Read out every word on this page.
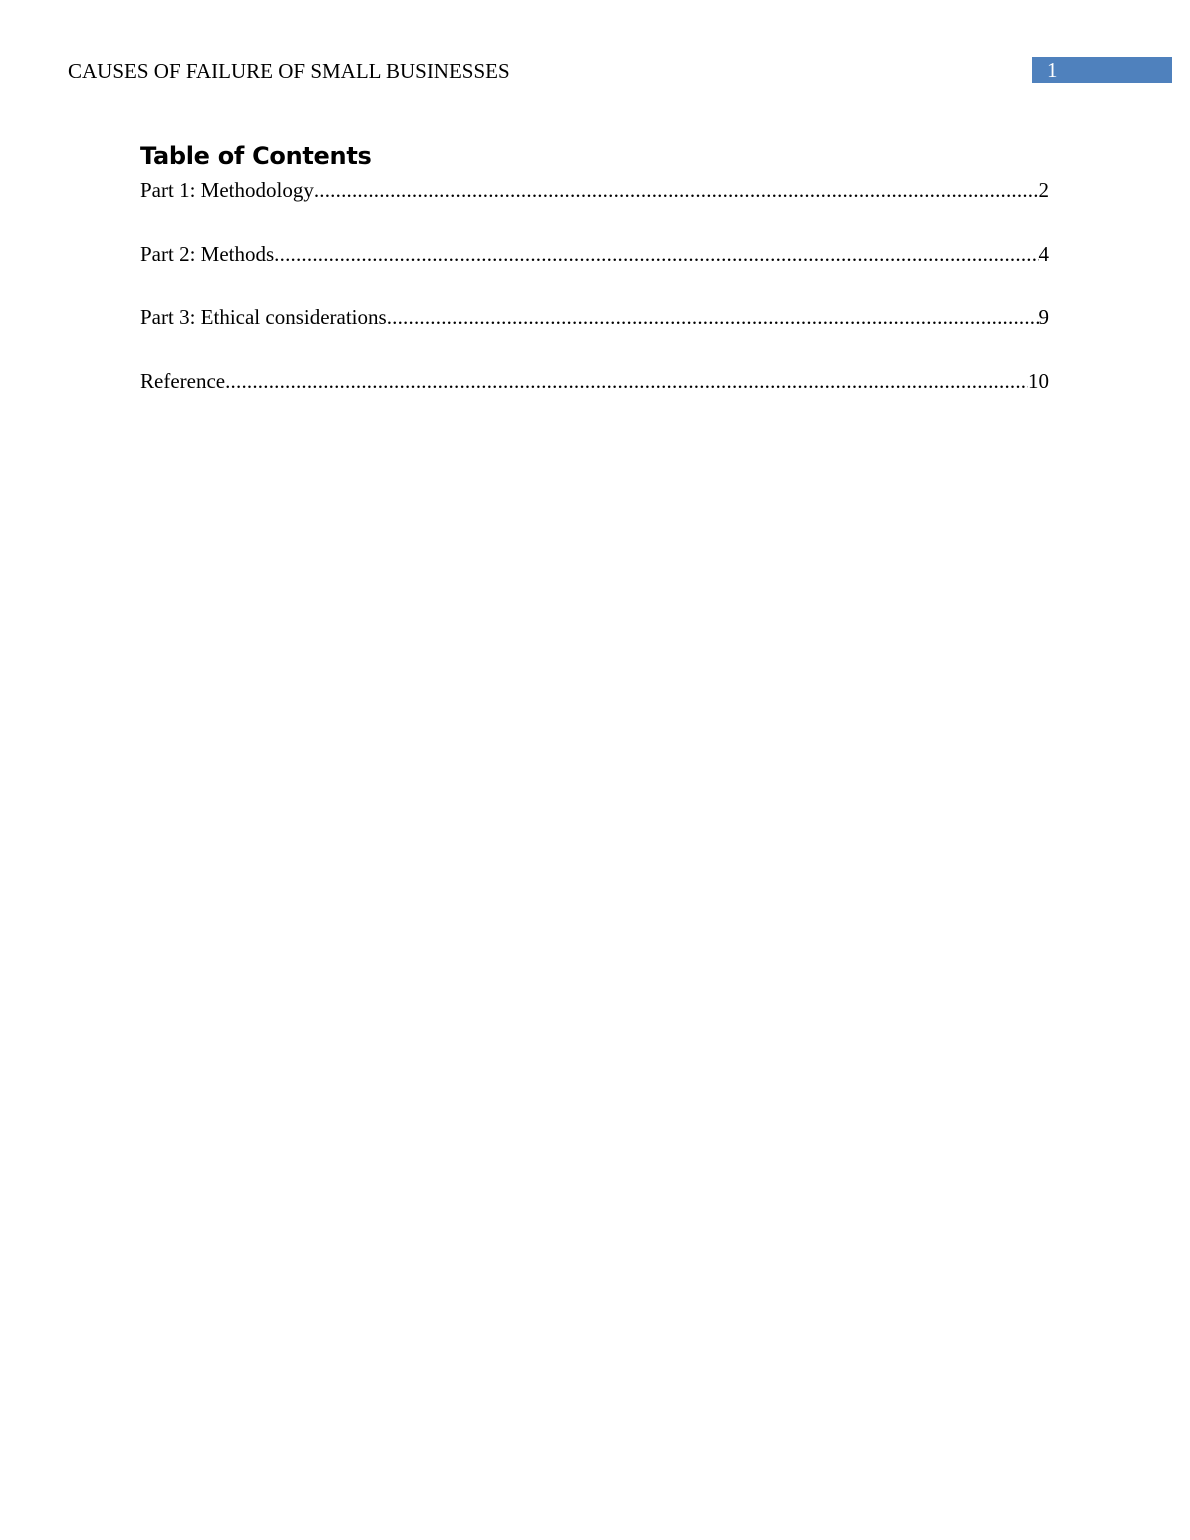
CAUSES OF FAILURE OF SMALL BUSINESSES	1
Table of Contents
Part 1: Methodology .....	2
Part 2: Methods .....	4
Part 3: Ethical considerations .....	9
Reference .....	10
